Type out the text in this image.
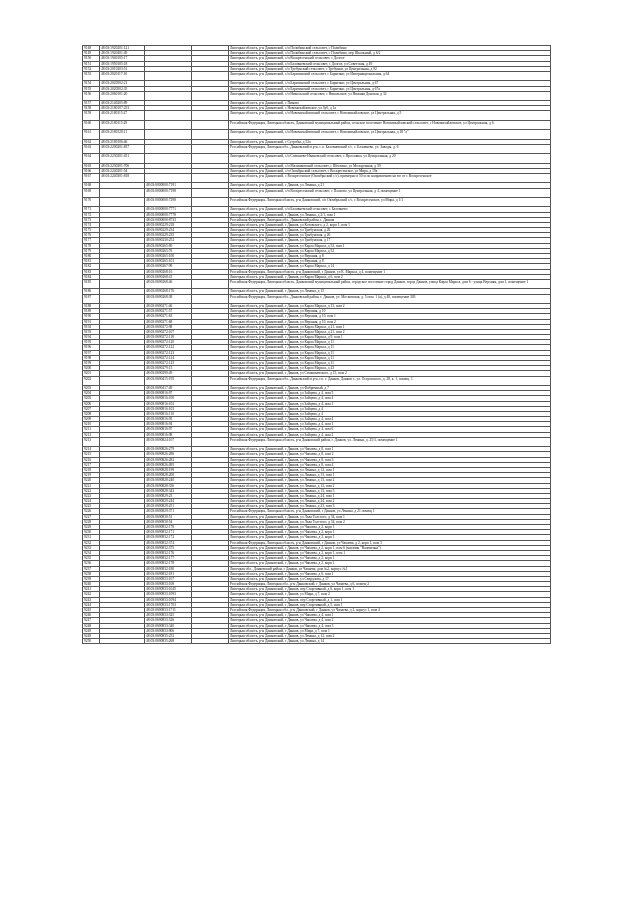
9148	48:03:1920201:121			Липецкая область, р-н Данковский, с/п Полибинский сельсовет, с Полибино
9149	48:03:1920401:49			Липецкая область, р-н Данковский, с/п Полибинский сельсовет, с Полибино, пер Школьный, д 6/2
9150	48:03:1940105:17			Липецкая область, р-н Данковский, с/п Воскресенский сельсовет, с Долгое
9151	48:03:1950105:18			Липецкая область, р-н Данковский, с/п Баловневский сельсовет, с Долгое, ул Советская, д 49
9152	48:03:2010203:51			Липецкая область, р-н Данковский, с/п Требунский сельсовет, с Требунки, ул Центральная, д 92
9153	48:03:2020117:10			Липецкая область, р-н Данковский, с/п Барятинский сельсовет, с Барятино, ул Интернациональная, д 64
9154	48:03:2020502:21			Липецкая область, р-н Данковский, с/п Барятинский сельсовет, с Барятино, ул Центральная, д 67
9155	48:03:2020502:35			Липецкая область, р-н Данковский, с/п Барятинский сельсовет, с Барятино, ул Центральная, д 67а
9156	48:03:2060101:20			Липецкая область, р-н Данковский, с/п Никольский сельсовет, с Никольское, ул Нижняя Донская, д 32
9157	48:03:2140205:89			Липецкая область, р-н Данковский, с Пиково
9158	48:03:2180107:253			Липецкая область, р-н Данковский, с Новомихайловское, ул Зуб, д 1а
9159	48:03:2180115:27			Липецкая область, р-н Данковский, с/п Новомихайловский сельсовет, с Новомихайловское, ул Центральная, д 5
9160	48:03:2180115:29			Российская Федерация, Липецкая область, Данковский муниципальный район, сельское поселение Новомихайловский сельсовет, с Новомихайловское, ул Центральная, д 6
9161	48:03:2180120:11			Липецкая область, р-н Данковский, с/п Новомихайловский сельсовет, с Новомихайловское, ул Центральная, д 18 "а"
9162	48:03:2180106:46			Липецкая область, р-н Данковский, с Сугробы, д 52а
9163	48:03:2200201:837			Российская Федерация, Липецкая обл., Данковский м.р-н, с.п. Баловневский с/с, с. Баловнево, ул. Заводы, д. 6
9164	48:03:2230201:451			Липецкая область, р-н Данковский, с/п Спешнево-Ивановский сельсовет, с Ярославка, ул Центральная, д 20
9165	48:03:2230201:706			Липецкая область, р-н Данковский, с/п Малинковский сельсовет, с Шеглино, ул Молодежная, д 39
9166	48:03:2240201:54			Липецкая область, р-н Данковский, с/п Октябрьский сельсовет, с Воскресенское, ул Мира, д 19а
9167	48:03:2240301:818			Липецкая область, р-н Данковский, с Воскресенское (Октябрьский с/с), примерно в 50 м по направлению на юг от с Воскресенское
9168		48:03:0000000:7191		Липецкая область, р-н Данковский, г Данков, ул Ленина, д 21
9169		48:03:0000000:7198		Липецкая область, р-н Данковский, с/п Воскресенский сельсовет, с Плахово, ул Центральная, д 4, помещение 1
9170		48:03:0000000:7298		Российская Федерация, Липецкая область, р-н Данковский, с/п Октябрьский с/с, с Воскресенское, ул Мира, д 1/1
9171		48:03:0000000:7771		Липецкая область, р-н Данковский, с/п Баловневский сельсовет, с Баловнево
9172		48:03:0000000:7778		Липецкая область, р-н Данковский, г Данков, ул Ленина, д 2/1, пом 1
9173		48:03:0000000:8733		Российская Федерация, Липецкая обл., Данковский район, г. Данков
9174		48:03:0690229:218		Липецкая область, р-н Данковский, г Данков, ул Котовского, д 2, корп 1, пом 1
9175		48:03:0690229:234		Липецкая область, р-н Данковский, г Данков, ул Трибунская, д 26
9176		48:03:0690229:235		Липецкая область, р-н Данковский, г Данков, ул Трибунская, д 26
9177		48:03:0690230:252		Липецкая область, р-н Данковский, г Данков, ул Трибунская, д 17
9178		48:03:0690265:69		Липецкая область, р-н Данковский, г Данков, ул Карла Маркса, д 52, пом 1
9179		48:03:0690265:76		Липецкая область, р-н Данковский, г Данков, ул Карла Маркса, д 52
9180		48:03:0690265:100		Липецкая область, р-н Данковский, г Данков, ул Верхняя, д 8
9181		48:03:0690265:101		Липецкая область, р-н Данковский, г Данков, ул Верхняя, д 8
9182		48:03:0690267:99		Липецкая область, р-н Данковский, г Данков, ул Карла Маркса, д 14
9183		48:03:0690268:16		Российская Федерация, Липецкая область, р-н Данковский, г Данков, ул К. Маркса, д 4, помещение 1
9184		48:03:0690268:41		Липецкая область, р-н Данковский, г Данков, ул Карла Маркса, д 6, пом 2
9185		48:03:0690268:46		Российская Федерация, Липецкая область, Данковский муниципальный район, городское поселение город Данков, город Данков, улица Карла Маркса, дом 6 - улица Верхняя, дом 1, помещение 1
9186		48:03:0690268:176		Липецкая область, р-н Данковский, г Данков, ул Ленина, д 15
9187		48:03:0690268:38		Российская Федерация, Липецкая обл., Данковский район, г. Данков, ул. Московская, д. 5 пом. 1 (а), д 40, помещение 303
9188		48:03:0690271:46		Липецкая область, р-н Данковский, г Данков, ул Карла Маркса, д 13, пом 2
9189		48:03:0690271:57		Липецкая область, р-н Данковский, г Данков, ул Верхняя, д 10
9190		48:03:0690271:63		Липецкая область, р-н Данковский, г Данков, ул Верхняя, д 10, пом 1
9191		48:03:0690271:68		Липецкая область, р-н Данковский, г Данков, ул Верхняя, д 10, пом 2
9192		48:03:0690272:98		Липецкая область, р-н Данковский, г Данков, ул Карла Маркса, д 21, пом 1
9193		48:03:0690272:107		Липецкая область, р-н Данковский, г Данков, ул Карла Маркса, д 21, пом 2
9194		48:03:0690272:118		Липецкая область, р-н Данковский, г Данков, ул Карла Маркса, д 9, пом 1
9195		48:03:0690272:120		Липецкая область, р-н Данковский, г Данков, ул Карла Маркса, д 11
9196		48:03:0690272:122		Липецкая область, р-н Данковский, г Данков, ул Карла Маркса, д 11
9197		48:03:0690272:123		Липецкая область, р-н Данковский, г Данков, ул Карла Маркса, д 11
9198		48:03:0690272:124		Липецкая область, р-н Данковский, г Данков, ул Карла Маркса, д 11
9199		48:03:0690272:125		Липецкая область, р-н Данковский, г Данков, ул Карла Маркса, д 11
9200		48:03:0690279:15		Липецкая область, р-н Данковский, г Данков, ул Карла Маркса, д 23
9201		48:03:0690290:49		Липецкая область, р-н Данковский, г Данков, ул Семашкевского, д 15, пом 2
9202		48:03:0690415:195		Российская Федерация, Липецкая обл., Данковский м.р-н, г.п. г. Данков, Данков г., ул. Островского, д. 28, к. 1, помещ. 1
9203		48:03:0690417:49		Липецкая область, р-н Данковский, г Данков, ул Фабричный, д 7
9204		48:03:0690816:97		Липецкая область, р-н Данковский, г Данков, ул Зайцева, д 4, пом 5
9205		48:03:0690816:100		Липецкая область, р-н Данковский, г Данков, ул Зайцева, д 4, пом 4
9206		48:03:0690816:102		Липецкая область, р-н Данковский, г Данков, ул Зайцева, д 4, пом 1
9207		48:03:0690816:103		Липецкая область, р-н Данковский, г Данков, ул Зайцева, д 4
9208		48:03:0690816:110		Липецкая область, р-н Данковский, г Данков, ул Зайцева, д 4
9209		48:03:0690816:95		Липецкая область, р-н Данковский, г Данков, ул Зайцева, д 4, пом 4
9210		48:03:0690816:94		Липецкая область, р-н Данковский, г Данков, ул Зайцева, д 4, пом 1
9211		48:03:0690816:97		Липецкая область, р-н Данковский, г Данков, ул Зайцева, д 4, пом 6
9212		48:03:0690816:98		Липецкая область, р-н Данковский, г Данков, ул Зайцева, д 4, пом 2
9213		48:03:0690824:107		Российская Федерация, Липецкая область, р-н Данковский район, г. Данков, ул. Ленина, д. 25/3, помещение 1
9214		48:03:0690826:279		Липецкая область, р-н Данковский, г Данков, ул Чапаева, д 8, пом 1
9215		48:03:0690826:286		Липецкая область, р-н Данковский, г Данков, ул Чапаева, д 8, пом 2
9216		48:03:0690826:282		Липецкая область, р-н Данковский, г Данков, ул Чапаева, д 8, пом 3
9217		48:03:0690826:495		Липецкая область, р-н Данковский, г Данков, ул Чапаева, д 8, пом 4
9218		48:03:0690828:199		Липецкая область, р-н Данковский, г Данков, ул Ленина, д 12, пом 1
9219		48:03:0690828:200		Липецкая область, р-н Данковский, г Данков, ул Ленина, д 13, пом 1
9220		48:03:0690828:240		Липецкая область, р-н Данковский, г Данков, ул Ленина, д 13, пом 2
9221		48:03:0690828:336		Липецкая область, р-н Данковский, г Данков, ул Ленина, д 12, пом 2
9222		48:03:0690828:343		Липецкая область, р-н Данковский, г Данков, ул Ленина, д 13, пом 3
9223		48:03:0690829:23		Липецкая область, р-н Данковский, г Данков, ул Ленина, д 24, пом 1
9224		48:03:0690829:244		Липецкая область, р-н Данковский, г Данков, ул Ленина, д 24, пом 2
9225		48:03:0690829:251		Липецкая область, р-н Данковский, г Данков, ул Ленина, д 23, пом 3
9226		48:03:0690829:371		Российская Федерация, Липецкая область, р-н Данковский, г Данков, ул Ленина, д 21 помещ 1
9227		48:03:0690830:51		Липецкая область, р-н Данковский, г Данков, ул Льва Толстого, д 34, пом 1
9228		48:03:0690830:54		Липецкая область, р-н Данковский, г Данков, ул Льва Толстого, д 34, пом 2
9229		48:03:0690832:170		Липецкая область, р-н Данковский, г Данков, ул Чапаева, д 2, корп 1
9230		48:03:0690832:171		Липецкая область, р-н Данковский, г Данков, ул Чапаева, д 2, корп 1
9231		48:03:0690832:172		Липецкая область, р-н Данковский, г Данков, ул Чапаева, д 2, корп 1
9232		48:03:0690832:374		Российская Федерация, Липецкая область, р-н Данковский, г Данков, ул Чапаева, д 2, корп 1, пом 3
9233		48:03:0690832:375		Липецкая область, р-н Данковский, г Данков, ул Чапаева, д 2, корп 1, пом 6 (магазин "Валентина")
9234		48:03:0690832:176		Липецкая область, р-н Данковский, г Данков, ул Чапаева, д 2, корп 1, пом 1
9235		48:03:0690832:177		Липецкая область, р-н Данковский, г Данков, ул Чапаева, д 2, корп 1
9236		48:03:0690832:178		Липецкая область, р-н Данковский, г Данков, ул Чапаева, д 2, корп 1
9237		48:03:0690832:180		Липецкая обл., Данковский район, г Данков, ул Чапаева, дом №2, корпус №1
9238		48:03:0690832:181		Липецкая область, р-н Данковский, г Данков, ул Чапаева, д 6, пом 1
9239		48:03:0690833:107		Липецкая область, р-н Данковский, г Данков, ул Свердлова, д 17
9240		48:03:0690833:108		Российская Федерация, Липецкая обл., р-н Данковский, г Данков, ул Чапаева, д 6, помещ 2
9241		48:03:0690833:1045		Липецкая область, р-н Данковский, г Данков, пер Спортивный, д 6, корп 1, пом 1
9242		48:03:0690833:1093		Липецкая область, р-н Данковский, г Данков, ул Мира, д 7, пом 2
9243		48:03:0690833:1094		Липецкая область, р-н Данковский, г Данков, пер Спортивный, д 1, пом 1
9244		48:03:0690833:1703		Липецкая область, р-н Данковский, г Данков, пер Спортивный, д 5, пом 1
9245		48:03:0690833:1711		Российская Федерация, Липецкая обл., р-н Данковский, г Данков, ул Чапаева, д 2, корпус 1, пом 4
9246		48:03:0690833:325		Липецкая область, р-н Данковский, г Данков, ул Чапаева, д 4, пом 1
9247		48:03:0690833:326		Липецкая область, р-н Данковский, г Данков, ул Чапаева, д 4, пом 2
9248		48:03:0690833:340		Липецкая область, р-н Данковский, г Данков, ул Чапаева, д 4, пом 3
9249		48:03:0690833:906		Липецкая область, р-н Данковский, г Данков, ул Мира, д 7, пом 1
9249		48:03:0690835:253		Липецкая область, р-н Данковский, г Данков, ул Ленина, д 12, пом 2
9250		48:03:0690835:268		Липецкая область, р-н Данковский, г Данков, ул Ленина, д 14
